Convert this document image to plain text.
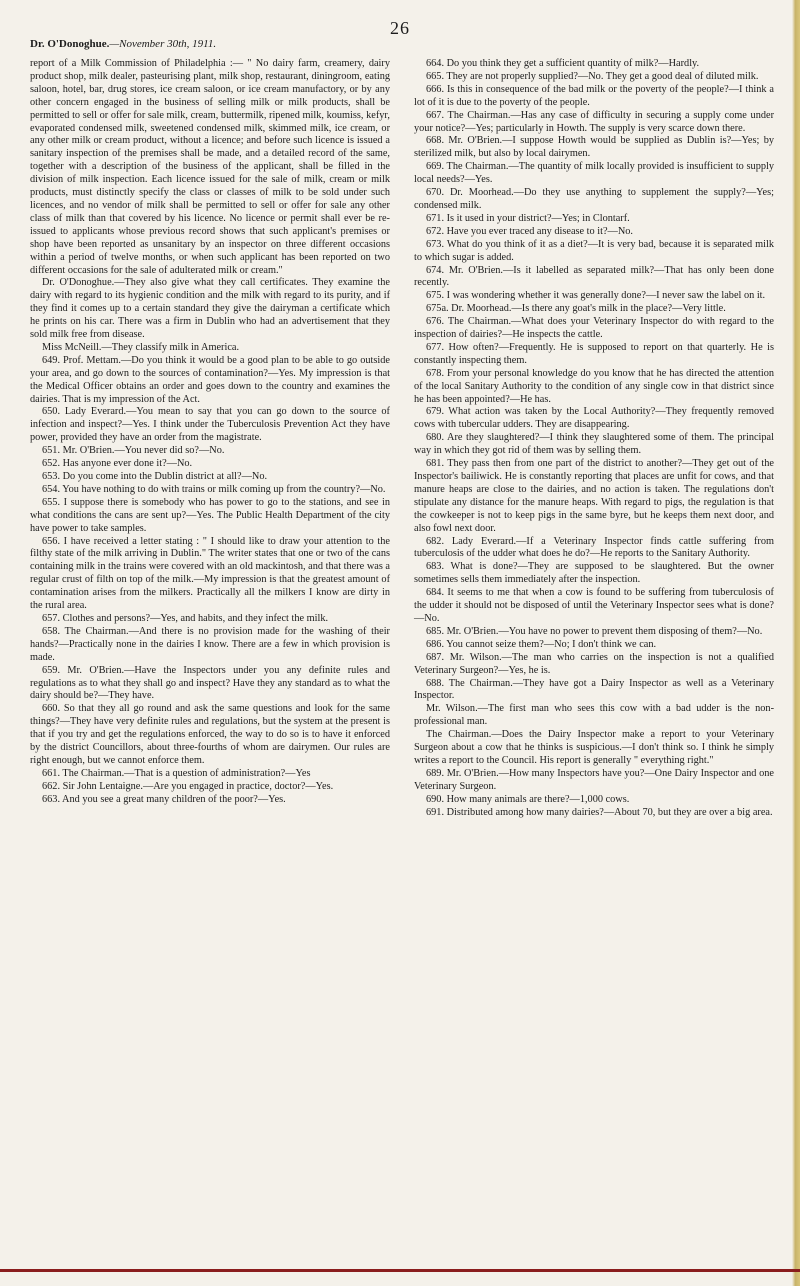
26
Dr. O'Donoghue.—November 30th, 1911.

report of a Milk Commission of Philadelphia :— " No dairy farm, creamery, dairy product shop, milk dealer, pasteurising plant, milk shop, restaurant, diningroom, eating saloon, hotel, bar, drug stores, ice cream saloon, or ice cream manufactory, or by any other concern engaged in the business of selling milk or milk products, shall be permitted to sell or offer for sale milk, cream, buttermilk, ripened milk, koumiss, kefyr, evaporated condensed milk, sweetened condensed milk, skimmed milk, ice cream, or any other milk or cream product, without a licence; and before such licence is issued a sanitary inspection of the premises shall be made, and a detailed record of the same, together with a description of the business of the applicant, shall be filled in the division of milk inspection. Each licence issued for the sale of milk, cream or milk products, must distinctly specify the class or classes of milk to be sold under such licences, and no vendor of milk shall be permitted to sell or offer for sale any other class of milk than that covered by his licence. No licence or permit shall ever be re-issued to applicants whose previous record shows that such applicant's premises or shop have been reported as unsanitary by an inspector on three different occasions within a period of twelve months, or when such applicant has been reported on two different occasions for the sale of adulterated milk or cream."

Dr. O'Donoghue.—They also give what they call certificates. They examine the dairy with regard to its hygienic condition and the milk with regard to its purity, and if they find it comes up to a certain standard they give the dairyman a certificate which he prints on his car. There was a firm in Dublin who had an advertisement that they sold milk free from disease.

Miss McNeill.—They classify milk in America.

649. Prof. Mettam.—Do you think it would be a good plan to be able to go outside your area, and go down to the sources of contamination?—Yes. My impression is that the Medical Officer obtains an order and goes down to the country and examines the dairies. That is my impression of the Act.

650. Lady Everard.—You mean to say that you can go down to the source of infection and inspect?—Yes. I think under the Tuberculosis Prevention Act they have power, provided they have an order from the magistrate.

651. Mr. O'Brien.—You never did so?—No.

652. Has anyone ever done it?—No.

653. Do you come into the Dublin district at all?—No.

654. You have nothing to do with trains or milk coming up from the country?—No.

655. I suppose there is somebody who has power to go to the stations, and see in what conditions the cans are sent up?—Yes. The Public Health Department of the city have power to take samples.

656. I have received a letter stating : " I should like to draw your attention to the filthy state of the milk arriving in Dublin." The writer states that one or two of the cans containing milk in the trains were covered with an old mackintosh, and that there was a regular crust of filth on top of the milk.—My impression is that the greatest amount of contamination arises from the milkers. Practically all the milkers I know are dirty in the rural area.

657. Clothes and persons?—Yes, and habits, and they infect the milk.

658. The Chairman.—And there is no provision made for the washing of their hands?—Practically none in the dairies I know. There are a few in which provision is made.

659. Mr. O'Brien.—Have the Inspectors under you any definite rules and regulations as to what they shall go and inspect? Have they any standard as to what the dairy should be?—They have.

660. So that they all go round and ask the same questions and look for the same things?—They have very definite rules and regulations, but the system at the present is that if you try and get the regulations enforced, the way to do so is to have it enforced by the district Councillors, about three-fourths of whom are dairymen. Our rules are right enough, but we cannot enforce them.

661. The Chairman.—That is a question of administration?—Yes

662. Sir John Lentaigne.—Are you engaged in practice, doctor?—Yes.

663. And you see a great many children of the poor?—Yes.

664. Do you think they get a sufficient quantity of milk?—Hardly.

665. They are not properly supplied?—No. They get a good deal of diluted milk.

666. Is this in consequence of the bad milk or the poverty of the people?—I think a lot of it is due to the poverty of the people.

667. The Chairman.—Has any case of difficulty in securing a supply come under your notice?—Yes; particularly in Howth. The supply is very scarce down there.

668. Mr. O'Brien.—I suppose Howth would be supplied as Dublin is?—Yes; by sterilized milk, but also by local dairymen.

669. The Chairman.—The quantity of milk locally provided is insufficient to supply local needs?—Yes.

670. Dr. Moorhead.—Do they use anything to supplement the supply?—Yes; condensed milk.

671. Is it used in your district?—Yes; in Clontarf.

672. Have you ever traced any disease to it?—No.

673. What do you think of it as a diet?—It is very bad, because it is separated milk to which sugar is added.

674. Mr. O'Brien.—Is it labelled as separated milk?—That has only been done recently.

675. I was wondering whether it was generally done?—I never saw the label on it.

675a. Dr. Moorhead.—Is there any goat's milk in the place?—Very little.

676. The Chairman.—What does your Veterinary Inspector do with regard to the inspection of dairies?—He inspects the cattle.

677. How often?—Frequently. He is supposed to report on that quarterly. He is constantly inspecting them.

678. From your personal knowledge do you know that he has directed the attention of the local Sanitary Authority to the condition of any single cow in that district since he has been appointed?—He has.

679. What action was taken by the Local Authority?—They frequently removed cows with tubercular udders. They are disappearing.

680. Are they slaughtered?—I think they slaughtered some of them. The principal way in which they got rid of them was by selling them.

681. They pass then from one part of the district to another?—They get out of the Inspector's bailiwick. He is constantly reporting that places are unfit for cows, and that manure heaps are close to the dairies, and no action is taken. The regulations don't stipulate any distance for the manure heaps. With regard to pigs, the regulation is that the cowkeeper is not to keep pigs in the same byre, but he keeps them next door, and also fowl next door.

682. Lady Everard.—If a Veterinary Inspector finds cattle suffering from tuberculosis of the udder what does he do?—He reports to the Sanitary Authority.

683. What is done?—They are supposed to be slaughtered. But the owner sometimes sells them immediately after the inspection.

684. It seems to me that when a cow is found to be suffering from tuberculosis of the udder it should not be disposed of until the Veterinary Inspector sees what is done?—No.

685. Mr. O'Brien.—You have no power to prevent them disposing of them?—No.

686. You cannot seize them?—No; I don't think we can.

687. Mr. Wilson.—The man who carries on the inspection is not a qualified Veterinary Surgeon?—Yes, he is.

688. The Chairman.—They have got a Dairy Inspector as well as a Veterinary Inspector.

Mr. Wilson.—The first man who sees this cow with a bad udder is the non-professional man.

The Chairman.—Does the Dairy Inspector make a report to your Veterinary Surgeon about a cow that he thinks is suspicious.—I don't think so. I think he simply writes a report to the Council. His report is generally " everything right."

689. Mr. O'Brien.—How many Inspectors have you?—One Dairy Inspector and one Veterinary Surgeon.

690. How many animals are there?—1,000 cows.

691. Distributed among how many dairies?—About 70, but they are over a big area.
